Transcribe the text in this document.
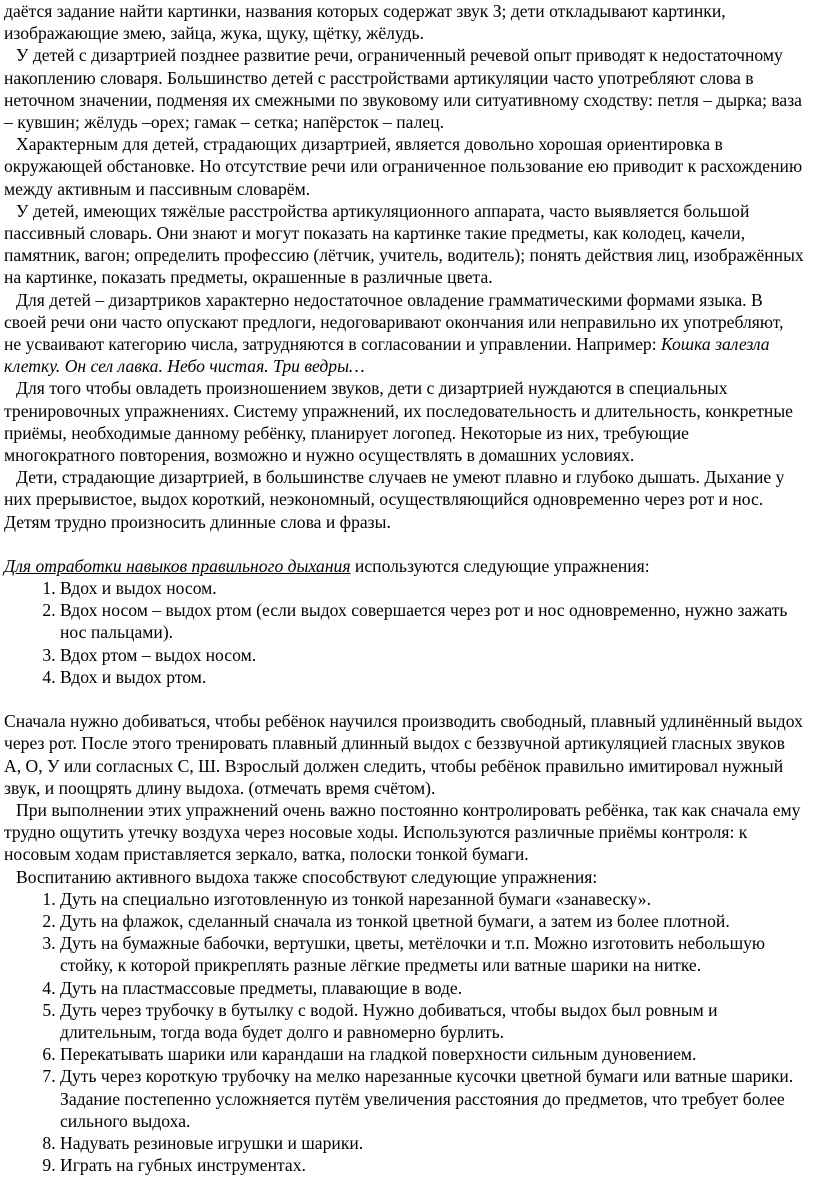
даётся задание найти картинки, названия которых содержат звук З; дети откладывают картинки, изображающие змею, зайца, жука, щуку, щётку, жёлудь.

У детей с дизартрией позднее развитие речи, ограниченный речевой опыт приводят к недостаточному накоплению словаря. Большинство детей с расстройствами артикуляции часто употребляют слова в неточном значении, подменяя их смежными по звуковому или ситуативному сходству: петля – дырка; ваза – кувшин; жёлудь –орех; гамак – сетка; напёрсток – палец.

Характерным для детей, страдающих дизартрией, является довольно хорошая ориентировка в окружающей обстановке. Но отсутствие речи или ограниченное пользование ею приводит к расхождению между активным и пассивным словарём.

У детей, имеющих тяжёлые расстройства артикуляционного аппарата, часто выявляется большой пассивный словарь. Они знают и могут показать на картинке такие предметы, как колодец, качели, памятник, вагон; определить профессию (лётчик, учитель, водитель); понять действия лиц, изображённых на картинке, показать предметы, окрашенные в различные цвета.

Для детей – дизартриков характерно недостаточное овладение грамматическими формами языка. В своей речи они часто опускают предлоги, недоговаривают окончания или неправильно их употребляют, не усваивают категорию числа, затрудняются в согласовании и управлении. Например: Кошка залезла клетку. Он сел лавка. Небо чистая. Три ведры…

Для того чтобы овладеть произношением звуков, дети с дизартрией нуждаются в специальных тренировочных упражнениях. Систему упражнений, их последовательность и длительность, конкретные приёмы, необходимые данному ребёнку, планирует логопед. Некоторые из них, требующие многократного повторения, возможно и нужно осуществлять в домашних условиях.

Дети, страдающие дизартрией, в большинстве случаев не умеют плавно и глубоко дышать. Дыхание у них прерывистое, выдох короткий, неэкономный, осуществляющийся одновременно через рот и нос. Детям трудно произносить длинные слова и фразы.

Для отработки навыков правильного дыхания используются следующие упражнения:

1. Вдох и выдох носом.
2. Вдох носом – выдох ртом (если выдох совершается через рот и нос одновременно, нужно зажать нос пальцами).
3. Вдох ртом – выдох носом.
4. Вдох и выдох ртом.

Сначала нужно добиваться, чтобы ребёнок научился производить свободный, плавный удлинённый выдох через рот. После этого тренировать плавный длинный выдох с беззвучной артикуляцией гласных звуков А, О, У или согласных С, Ш. Взрослый должен следить, чтобы ребёнок правильно имитировал нужный звук, и поощрять длину выдоха. (отмечать время счётом).

При выполнении этих упражнений очень важно постоянно контролировать ребёнка, так как сначала ему трудно ощутить утечку воздуха через носовые ходы. Используются различные приёмы контроля: к носовым ходам приставляется зеркало, ватка, полоски тонкой бумаги.

Воспитанию активного выдоха также способствуют следующие упражнения:

1. Дуть на специально изготовленную из тонкой нарезанной бумаги «занавеску».
2. Дуть на флажок, сделанный сначала из тонкой цветной бумаги, а затем из более плотной.
3. Дуть на бумажные бабочки, вертушки, цветы, метёлочки и т.п. Можно изготовить небольшую стойку, к которой прикреплять разные лёгкие предметы или ватные шарики на нитке.
4. Дуть на пластмассовые предметы, плавающие в воде.
5. Дуть через трубочку в бутылку с водой. Нужно добиваться, чтобы выдох был ровным и длительным, тогда вода будет долго и равномерно бурлить.
6. Перекатывать шарики или карандаши на гладкой поверхности сильным дуновением.
7. Дуть через короткую трубочку на мелко нарезанные кусочки цветной бумаги или ватные шарики. Задание постепенно усложняется путём увеличения расстояния до предметов, что требует более сильного выдоха.
8. Надувать резиновые игрушки и шарики.
9. Играть на губных инструментах.
